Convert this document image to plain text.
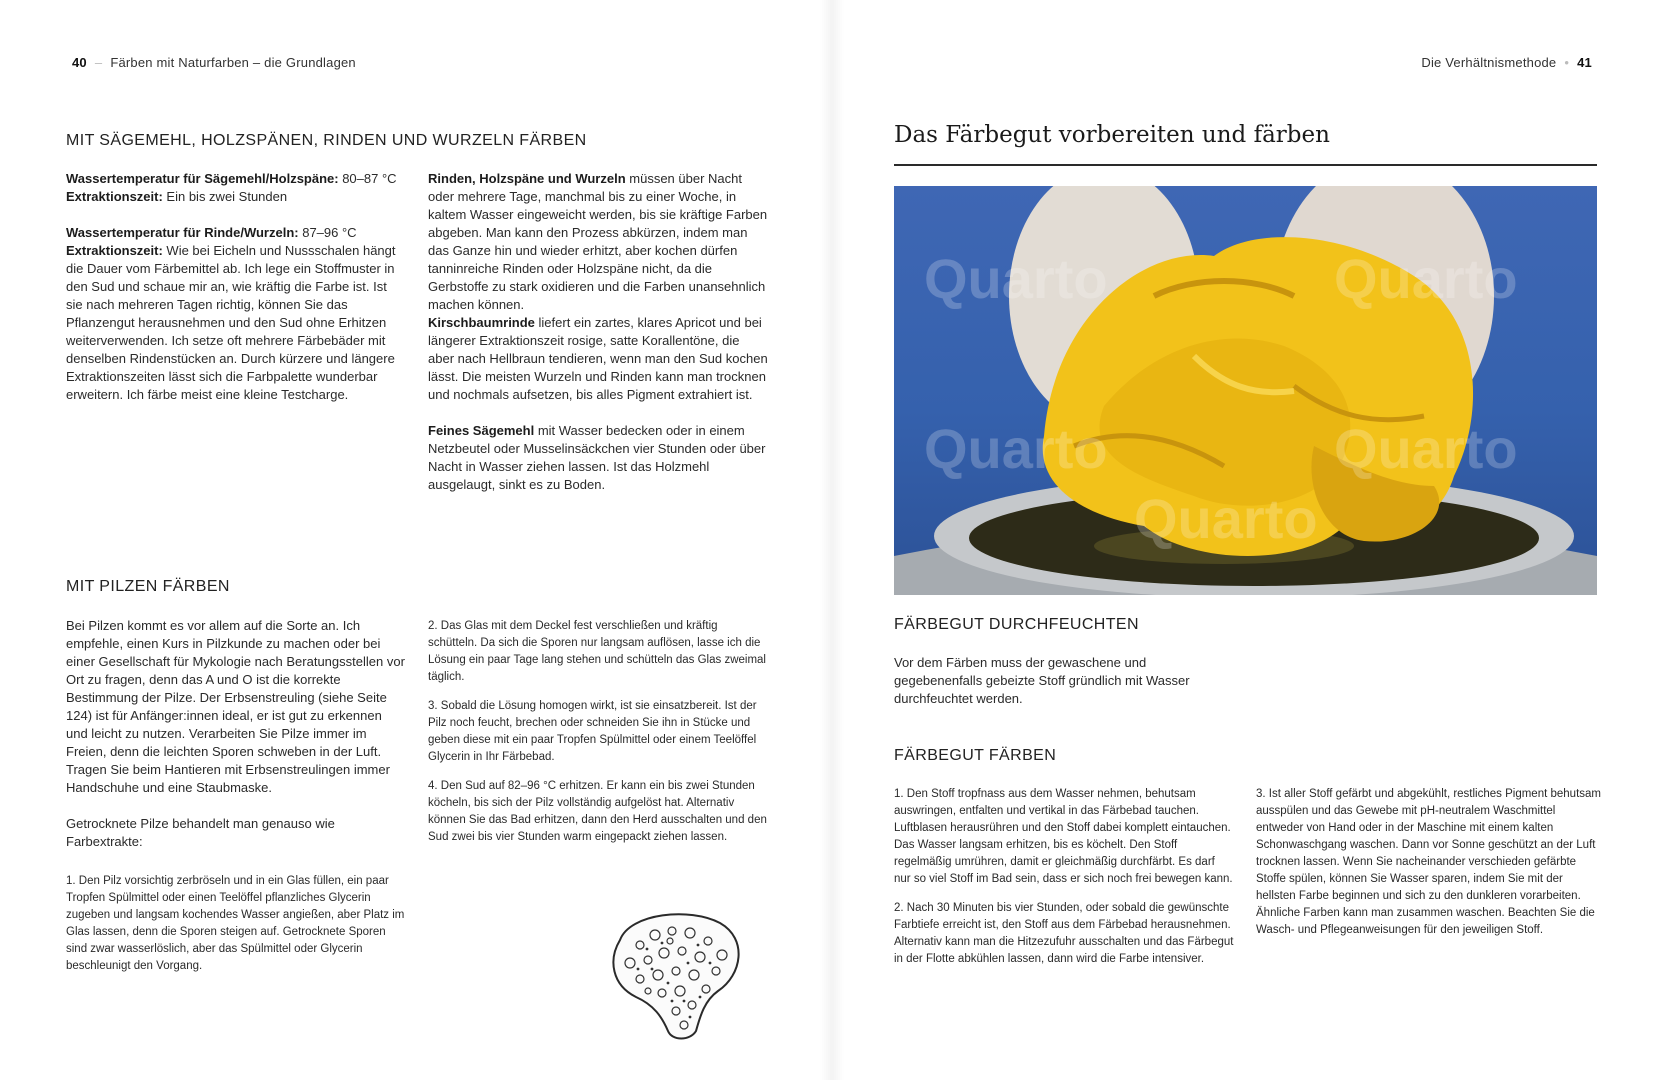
40 – Färben mit Naturfarben – die Grundlagen
MIT SÄGEMEHL, HOLZSPÄNEN, RINDEN UND WURZELN FÄRBEN

Wassertemperatur für Sägemehl/Holzspäne: 80–87 °C
Extraktionszeit: Ein bis zwei Stunden

Wassertemperatur für Rinde/Wurzeln: 87–96 °C
Extraktionszeit: Wie bei Eicheln und Nussschalen hängt die Dauer vom Färbemittel ab. Ich lege ein Stoffmuster in den Sud und schaue mir an, wie kräftig die Farbe ist. Ist sie nach mehreren Tagen richtig, können Sie das Pflanzengut herausnehmen und den Sud ohne Erhitzen weiterverwenden. Ich setze oft mehrere Färbebäder mit denselben Rindenstücken an. Durch kürzere und längere Extraktionszeiten lässt sich die Farbpalette wunderbar erweitern. Ich färbe meist eine kleine Testcharge.

Rinden, Holzspäne und Wurzeln müssen über Nacht oder mehrere Tage, manchmal bis zu einer Woche, in kaltem Wasser eingeweicht werden, bis sie kräftige Farben abgeben. Man kann den Prozess abkürzen, indem man das Ganze hin und wieder erhitzt, aber kochen dürfen tanninreiche Rinden oder Holzspäne nicht, da die Gerbstoffe zu stark oxidieren und die Farben unansehnlich machen können.

Kirschbaumrinde liefert ein zartes, klares Apricot und bei längerer Extraktionszeit rosige, satte Korallentöne, die aber nach Hellbraun tendieren, wenn man den Sud kochen lässt. Die meisten Wurzeln und Rinden kann man trocknen und nochmals aufsetzen, bis alles Pigment extrahiert ist.

Feines Sägemehl mit Wasser bedecken oder in einem Netzbeutel oder Musselinsäckchen vier Stunden oder über Nacht in Wasser ziehen lassen. Ist das Holzmehl ausgelaugt, sinkt es zu Boden.

MIT PILZEN FÄRBEN

Bei Pilzen kommt es vor allem auf die Sorte an. Ich empfehle, einen Kurs in Pilzkunde zu machen oder bei einer Gesellschaft für Mykologie nach Beratungsstellen vor Ort zu fragen, denn das A und O ist die korrekte Bestimmung der Pilze. Der Erbsenstreuling (siehe Seite 124) ist für Anfänger:innen ideal, er ist gut zu erkennen und leicht zu nutzen. Verarbeiten Sie Pilze immer im Freien, denn die leichten Sporen schweben in der Luft. Tragen Sie beim Hantieren mit Erbsenstreulingen immer Handschuhe und eine Staubmaske.

Getrocknete Pilze behandelt man genauso wie Farbextrakte:

1. Den Pilz vorsichtig zerbröseln und in ein Glas füllen, ein paar Tropfen Spülmittel oder einen Teelöffel pflanzliches Glycerin zugeben und langsam kochendes Wasser angießen, aber Platz im Glas lassen, denn die Sporen steigen auf. Getrocknete Sporen sind zwar wasserlöslich, aber das Spülmittel oder Glycerin beschleunigt den Vorgang.

2. Das Glas mit dem Deckel fest verschließen und kräftig schütteln. Da sich die Sporen nur langsam auflösen, lasse ich die Lösung ein paar Tage lang stehen und schütteln das Glas zweimal täglich.

3. Sobald die Lösung homogen wirkt, ist sie einsatzbereit. Ist der Pilz noch feucht, brechen oder schneiden Sie ihn in Stücke und geben diese mit ein paar Tropfen Spülmittel oder einem Teelöffel Glycerin in Ihr Färbebad.

4. Den Sud auf 82–96 °C erhitzen. Er kann ein bis zwei Stunden köcheln, bis sich der Pilz vollständig aufgelöst hat. Alternativ können Sie das Bad erhitzen, dann den Herd ausschalten und den Sud zwei bis vier Stunden warm eingepackt ziehen lassen.

Die Verhältnismethode • 41
Das Färbegut vorbereiten und färben
Quarto	Quarto
Quarto	Quarto
Quarto
FÄRBEGUT DURCHFEUCHTEN
Vor dem Färben muss der gewaschene und gegebenenfalls gebeizte Stoff gründlich mit Wasser durchfeuchtet werden.
FÄRBEGUT FÄRBEN

1. Den Stoff tropfnass aus dem Wasser nehmen, behutsam auswringen, entfalten und vertikal in das Färbebad tauchen. Luftblasen herausrühren und den Stoff dabei komplett eintauchen. Das Wasser langsam erhitzen, bis es köchelt. Den Stoff regelmäßig umrühren, damit er gleichmäßig durchfärbt. Es darf nur so viel Stoff im Bad sein, dass er sich noch frei bewegen kann.

2. Nach 30 Minuten bis vier Stunden, oder sobald die gewünschte Farbtiefe erreicht ist, den Stoff aus dem Färbebad herausnehmen. Alternativ kann man die Hitzezufuhr ausschalten und das Färbegut in der Flotte abkühlen lassen, dann wird die Farbe intensiver.

3. Ist aller Stoff gefärbt und abgekühlt, restliches Pigment behutsam ausspülen und das Gewebe mit pH-neutralem Waschmittel entweder von Hand oder in der Maschine mit einem kalten Schonwaschgang waschen. Dann vor Sonne geschützt an der Luft trocknen lassen. Wenn Sie nacheinander verschieden gefärbte Stoffe spülen, können Sie Wasser sparen, indem Sie mit der hellsten Farbe beginnen und sich zu den dunkleren vorarbeiten. Ähnliche Farben kann man zusammen waschen. Beachten Sie die Wasch- und Pflegeanweisungen für den jeweiligen Stoff.
